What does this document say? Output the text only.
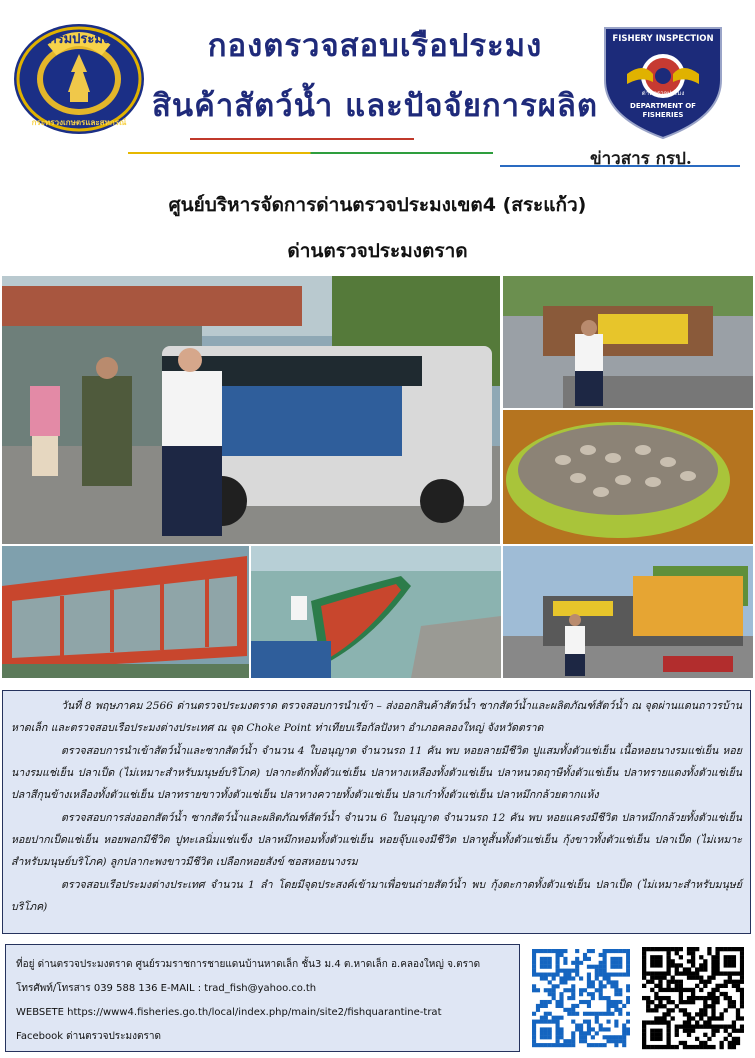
กรมประมง
กระทรวงเกษตรและสหกรณ์
กองตรวจสอบเรือประมง
สินค้าสัตว์น้ำ และปัจจัยการผลิต
FISHERY INSPECTION
DEPARTMENT OF FISHERIES
ด่านตรวจประมง
ข่าวสาร กรป.
ศูนย์บริหารจัดการด่านตรวจประมงเขต4 (สระแก้ว)
ด่านตรวจประมงตราด

วันที่ 8 พฤษภาคม 2566 ด่านตรวจประมงตราด ตรวจสอบการนำเข้า – ส่งออกสินค้าสัตว์น้ำ ซากสัตว์น้ำและผลิตภัณฑ์สัตว์น้ำ ณ จุดผ่านแดนถาวรบ้านหาดเล็ก และตรวจสอบเรือประมงต่างประเทศ ณ จุด Choke Point ท่าเทียบเรือกัลปังหา อำเภอคลองใหญ่ จังหวัดตราด

ตรวจสอบการนำเข้าสัตว์น้ำและซากสัตว์น้ำ จำนวน 4 ใบอนุญาต จำนวนรถ 11 คัน พบ หอยลายมีชีวิต ปูแสมทั้งตัวแช่เย็น เนื้อหอยนางรมแช่เย็น หอยนางรมแช่เย็น ปลาเป็ด (ไม่เหมาะสำหรับมนุษย์บริโภค) ปลากะตักทั้งตัวแช่เย็น ปลาหางเหลืองทั้งตัวแช่เย็น ปลาหนวดฤาษีทั้งตัวแช่เย็น ปลาทรายแดงทั้งตัวแช่เย็น ปลาสีกุนข้างเหลืองทั้งตัวแช่เย็น ปลาทรายขาวทั้งตัวแช่เย็น ปลาหางควายทั้งตัวแช่เย็น ปลาเก๋าทั้งตัวแช่เย็น ปลาหมึกกล้วยตากแห้ง

ตรวจสอบการส่งออกสัตว์น้ำ ซากสัตว์น้ำและผลิตภัณฑ์สัตว์น้ำ จำนวน 6 ใบอนุญาต จำนวนรถ 12 คัน พบ หอยแครงมีชีวิต ปลาหมึกกล้วยทั้งตัวแช่เย็น หอยปากเป็ดแช่เย็น หอยพอกมีชีวิต ปูทะเลนิ่มแช่แข็ง ปลาหมึกหอมทั้งตัวแช่เย็น หอยจุ๊บแจงมีชีวิต ปลาทูสั้นทั้งตัวแช่เย็น กุ้งขาวทั้งตัวแช่เย็น ปลาเป็ด (ไม่เหมาะสำหรับมนุษย์บริโภค) ลูกปลากะพงขาวมีชีวิต เปลือกหอยสังข์ ซอสหอยนางรม

ตรวจสอบเรือประมงต่างประเทศ จำนวน 1 ลำ โดยมีจุดประสงค์เข้ามาเพื่อขนถ่ายสัตว์น้ำ พบ กุ้งตะกาดทั้งตัวแช่เย็น ปลาเป็ด (ไม่เหมาะสำหรับมนุษย์บริโภค)

ที่อยู่ ด่านตรวจประมงตราด ศูนย์รวมราชการชายแดนบ้านหาดเล็ก ชั้น3 ม.4 ต.หาดเล็ก อ.คลองใหญ่ จ.ตราด
โทรศัพท์/โทรสาร 039 588 136 E-MAIL : trad_fish@yahoo.co.th
WEBSETE https://www4.fisheries.go.th/local/index.php/main/site2/fishquarantine-trat
Facebook ด่านตรวจประมงตราด
